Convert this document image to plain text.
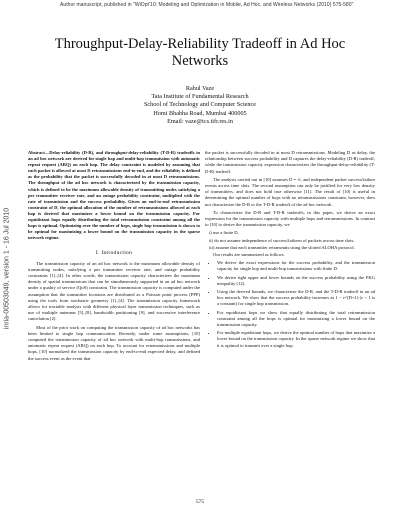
Author manuscript, published in "WiOpt'10: Modeling and Optimization in Mobile, Ad Hoc, and Wireless Networks (2010) 575-580"
inria-00503049, version 1 - 16 Jul 2010
Throughput-Delay-Reliability Tradeoff in Ad Hoc Networks
Rahul Vaze
Tata Institute of Fundamental Research
School of Technology and Computer Science
Homi Bhabha Road, Mumbai 400005
Email: vaze@tcs.tifr.res.in

Abstract—Delay-reliability (D-R), and throughput-delay-reliability (T-D-R) tradeoffs in an ad hoc network are derived for single hop and multi-hop transmission with automatic repeat request (ARQ) on each hop. The delay constraint is modeled by assuming that each packet is allowed at most D retransmissions end-to-end, and the reliability is defined as the probability that the packet is successfully decoded in at most D retransmissions. The throughput of the ad hoc network is characterized by the transmission capacity, which is defined to be the maximum allowable density of transmitting nodes satisfying a per transmitter receiver rate, and an outage probability constraint, multiplied with the rate of transmission and the success probability. Given an end-to-end retransmission constraint of D, the optimal allocation of the number of retransmissions allowed at each hop is derived that maximizes a lower bound on the transmission capacity. For equidistant hops equally distributing the total retransmission constraint among all the hops is optimal. Optimizing over the number of hops, single hop transmission is shown to be optimal for maximizing a lower bound on the transmission capacity in the sparse network regime.

I. Introduction

The transmission capacity of an ad hoc network is the maximum allowable density of transmitting nodes, satisfying a per transmitter receiver rate, and outage probability constraints [1]–[4]. In other words, the transmission capacity characterizes the maximum density of spatial transmissions that can be simultaneously supported in an ad hoc network under a quality of service (QoS) constraint. The transmission capacity is computed under the assumption that the transmitter locations are distributed as a Poisson point process (PPP) using the tools from stochastic geometry [1]–[4]. The transmission capacity framework allows for tractable analysis with different physical layer transmission techniques, such as use of multiple antennas [5]–[8], bandwidth partitioning [9], and successive interference cancelation [2].

Most of the prior work on computing the transmission capacity of ad hoc networks has been limited to single hop communication. Recently, under some assumptions, [10] computed the transmission capacity of ad hoc network with multi-hop transmissions, and automatic repeat request (ARQ) on each hop. To account for retransmissions and multiple hops, [10] normalized the transmission capacity by end-to-end expected delay, and defined the success event as the event that

the packet is successfully decoded in at most D retransmissions. Modeling D as delay, the relationship between success probability and D captures the delay-reliability (D-R) tradeoff, while the transmission capacity expression characterizes the throughput-delay-reliability (T-D-R) tradeoff.

The analysis carried out in [10] assumes D = ∞, and independent packet success/failure events across time slots. The second assumption can only be justified for very low density of transmitters, and does not hold true otherwise [11]. The result of [10] is useful in determining the optimal number of hops with no retransmissions constraint, however, does not characterize the D-R or the T-D-R tradeoff of the ad hoc network.

To characterize the D-R and T-D-R tradeoffs, in this paper, we derive an exact expression for the transmission capacity with multiple hops and retransmissions. In contrast to [10] to derive the transmission capacity, we

i) use a finite D,
ii) do not assume independence of success/failures of packets across time slots.
iii) assume that each transmitter retransmits using the slotted ALOHA protocol.

Our results are summarized as follows.

• We derive the exact expressions for the success probability, and the transmission capacity for single hop and multi-hop transmissions with finite D.
• We derive tight upper and lower bounds on the success probability using the FKG inequality [12].
• Using the derived bounds, we characterize the D-R, and the T-D-R tradeoff in an ad hoc network. We show that the success probability increases as 1 − ε^(D+1) (ε < 1 is a constant) for single hop transmission.
• For equidistant hops we show that equally distributing the total retransmission constraint among all the hops is optimal for maximizing a lower bound on the transmission capacity.
• For multiple equidistant hops, we derive the optimal number of hops that maximize a lower bound on the transmission capacity. In the sparse network regime we show that it is optimal to transmit over a single hop.
575
